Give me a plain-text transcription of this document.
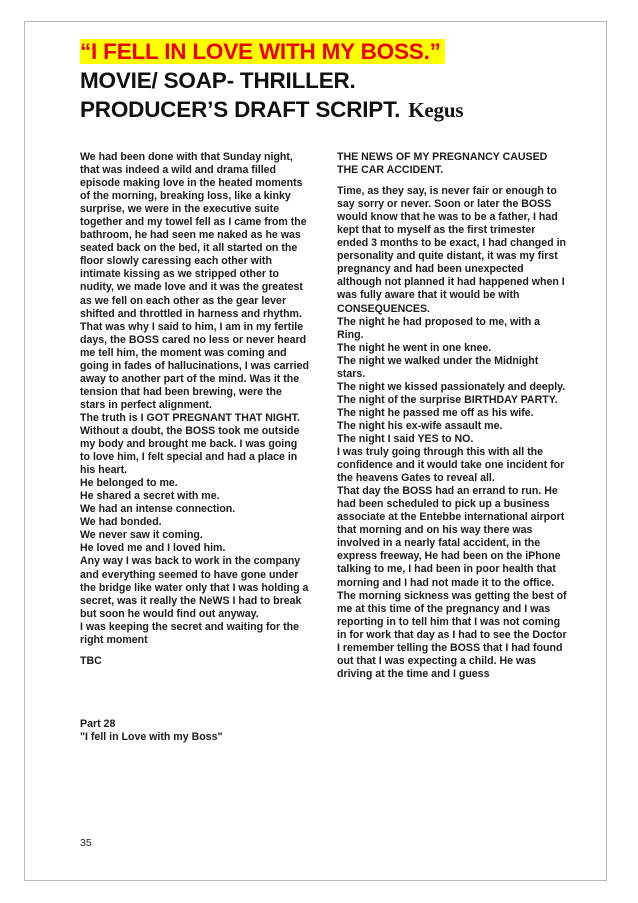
“I FELL IN LOVE WITH MY BOSS.”
MOVIE/ SOAP- THRILLER.
PRODUCER’S DRAFT SCRIPT. Kegus

We had been done with that Sunday night, that was indeed a wild and drama filled episode making love in the heated moments of the morning, breaking loss, like a kinky surprise, we were in the executive suite together and my towel fell as I came from the bathroom, he had seen me naked as he was seated back on the bed, it all started on the floor slowly caressing each other with intimate kissing as we stripped other to nudity, we made love and it was the greatest as we fell on each other as the gear lever shifted and throttled in harness and rhythm.

That was why I said to him, I am in my fertile days, the BOSS cared no less or never heard me tell him, the moment was coming and going in fades of hallucinations, I was carried away to another part of the mind. Was it the tension that had been brewing, were the stars in perfect alignment.

The truth is I GOT PREGNANT THAT NIGHT. Without a doubt, the BOSS took me outside my body and brought me back. I was going to love him, I felt special and had a place in his heart.

He belonged to me.

He shared a secret with me.

We had an intense connection.

We had bonded.

We never saw it coming.

He loved me and I loved him.

Any way I was back to work in the company and everything seemed to have gone under the bridge like water only that I was holding a secret, was it really the NeWS I had to break but soon he would find out anyway.

I was keeping the secret and waiting for the right moment

TBC

Part 28

"I fell in Love with my Boss"

THE NEWS OF MY PREGNANCY CAUSED THE CAR ACCIDENT.

Time, as they say, is never fair or enough to say sorry or never. Soon or later the BOSS would know that he was to be a father, I had kept that to myself as the first trimester ended 3 months to be exact, I had changed in personality and quite distant, it was my first pregnancy and had been unexpected although not planned it had happened when I was fully aware that it would be with CONSEQUENCES.

The night he had proposed to me, with a Ring.

The night he went in one knee.

The night we walked under the Midnight stars.

The night we kissed passionately and deeply.

The night of the surprise BIRTHDAY PARTY.

The night he passed me off as his wife.

The night his ex-wife assault me.

The night I said YES to NO.

I was truly going through this with all the confidence and it would take one incident for the heavens Gates to reveal all.

That day the BOSS had an errand to run. He had been scheduled to pick up a business associate at the Entebbe international airport that morning and on his way there was involved in a nearly fatal accident, in the express freeway, He had been on the iPhone talking to me, I had been in poor health that morning and I had not made it to the office.

The morning sickness was getting the best of me at this time of the pregnancy and I was reporting in to tell him that I was not coming in for work that day as I had to see the Doctor

I remember telling the BOSS that I had found out that I was expecting a child. He was driving at the time and I guess

35
